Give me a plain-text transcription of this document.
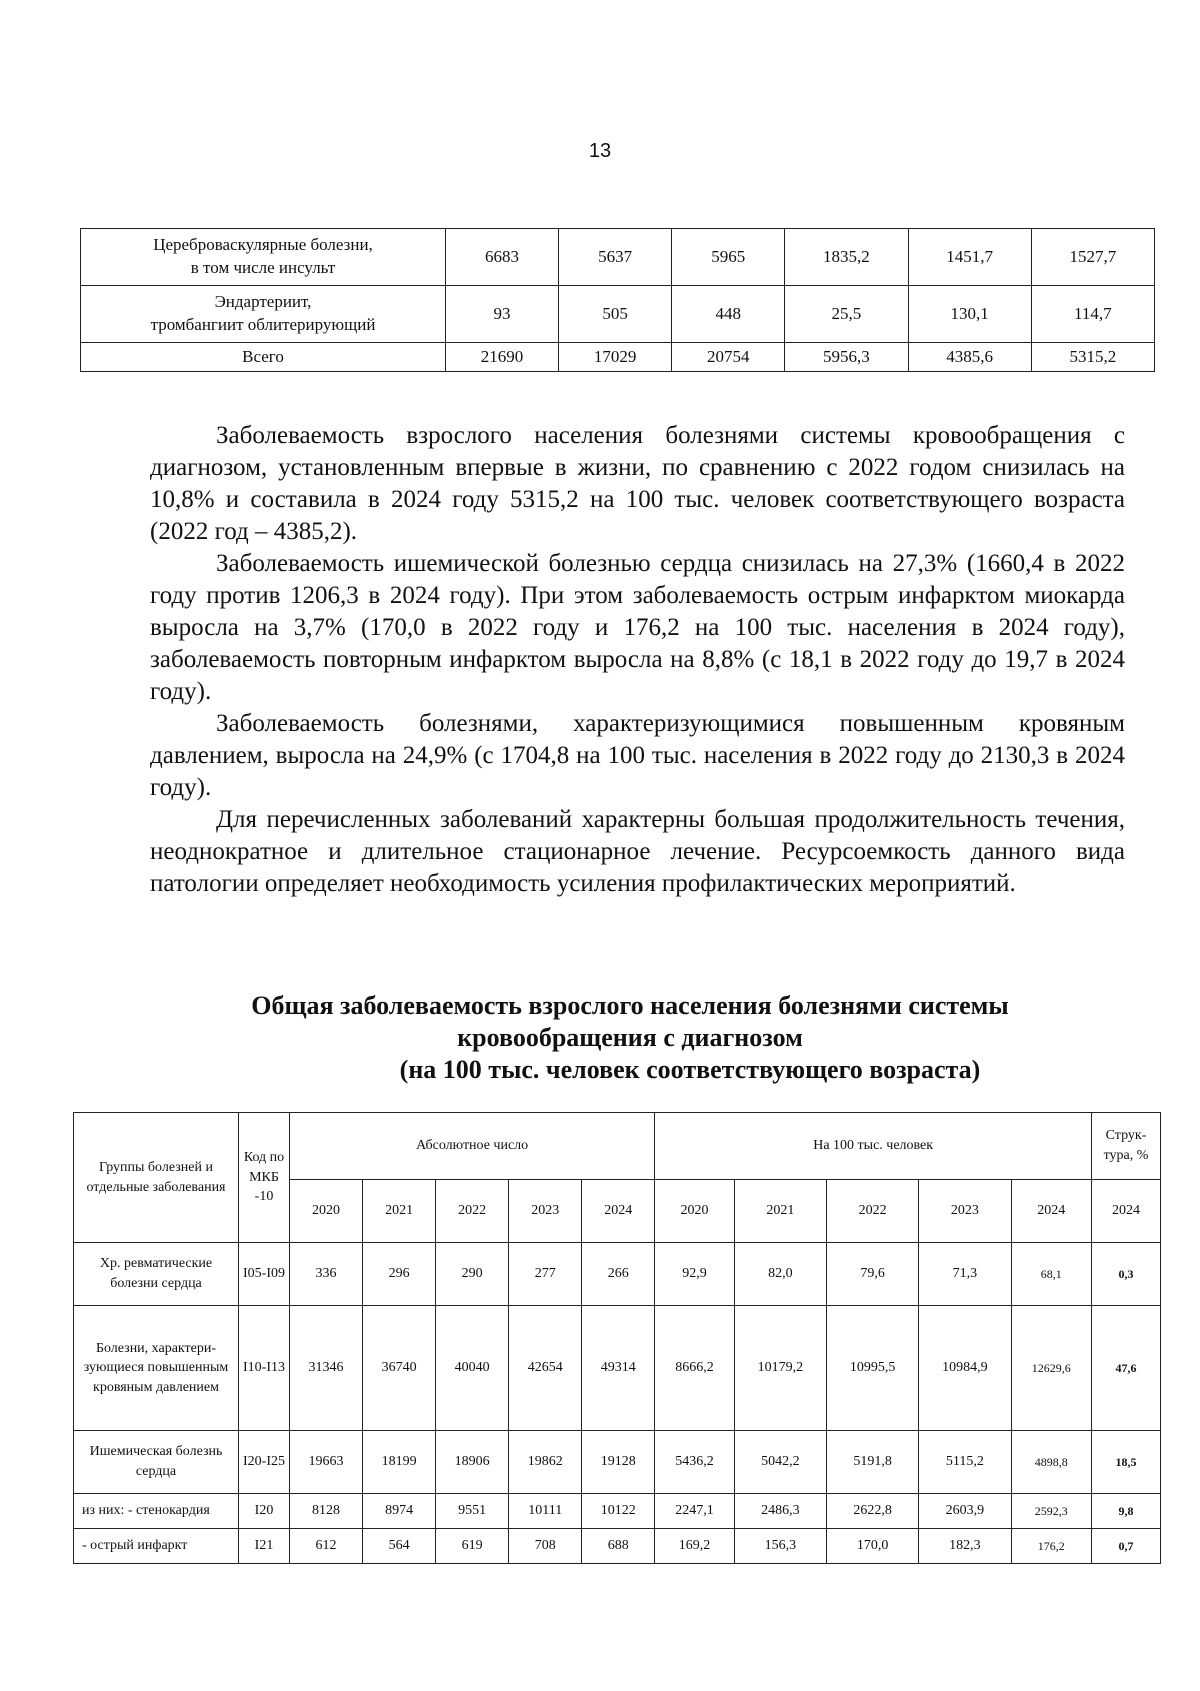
13
Цереброваскулярные болезни,
в том числе инсульт	6683	5637	5965	1835,2	1451,7	1527,7

Эндартериит,
тромбангиит облитерирующий	93	505	448	25,5	130,1	114,7
Всего	21690	17029	20754	5956,3	4385,6	5315,2

Заболеваемость взрослого населения болезнями системы кровообращения с диагнозом, установленным впервые в жизни, по сравнению с 2022 годом снизилась на 10,8% и составила в 2024 году 5315,2 на 100 тыс. человек соответствующего возраста (2022 год – 4385,2).

Заболеваемость ишемической болезнью сердца снизилась на 27,3% (1660,4 в 2022 году против 1206,3 в 2024 году). При этом заболеваемость острым инфарктом миокарда выросла на 3,7% (170,0 в 2022 году и 176,2 на 100 тыс. населения в 2024 году), заболеваемость повторным инфарктом выросла на 8,8% (с 18,1 в 2022 году до 19,7 в 2024 году).

Заболеваемость болезнями, характеризующимися повышенным кровяным давлением, выросла на 24,9% (с 1704,8 на 100 тыс. населения в 2022 году до 2130,3 в 2024 году).

Для перечисленных заболеваний характерны большая продолжительность течения, неоднократное и длительное стационарное лечение. Ресурсоемкость данного вида патологии определяет необходимость усиления профилактических мероприятий.

Общая заболеваемость взрослого населения болезнями системы
кровообращения с диагнозом
(на 100 тыс. человек соответствующего возраста)
Группы болезней и отдельные заболевания	Код по МКБ -10	Абсолютное число					На 100 тыс. человек					Структура, %
		2020	2021	2022	2023	2024	2020	2021	2022	2023	2024	2024
Хр. ревматические болезни сердца	I05-I09	336	296	290	277	266	92,9	82,0	79,6	71,3	68,1	0,3
Болезни, характеризующиеся повышенным кровяным давлением	I10-I13	31346	36740	40040	42654	49314	8666,2	10179,2	10995,5	10984,9	12629,6	47,6
Ишемическая болезнь сердца	I20-I25	19663	18199	18906	19862	19128	5436,2	5042,2	5191,8	5115,2	4898,8	18,5
из них: - стенокардия	I20	8128	8974	9551	10111	10122	2247,1	2486,3	2622,8	2603,9	2592,3	9,8
- острый инфаркт	I21	612	564	619	708	688	169,2	156,3	170,0	182,3	176,2	0,7
